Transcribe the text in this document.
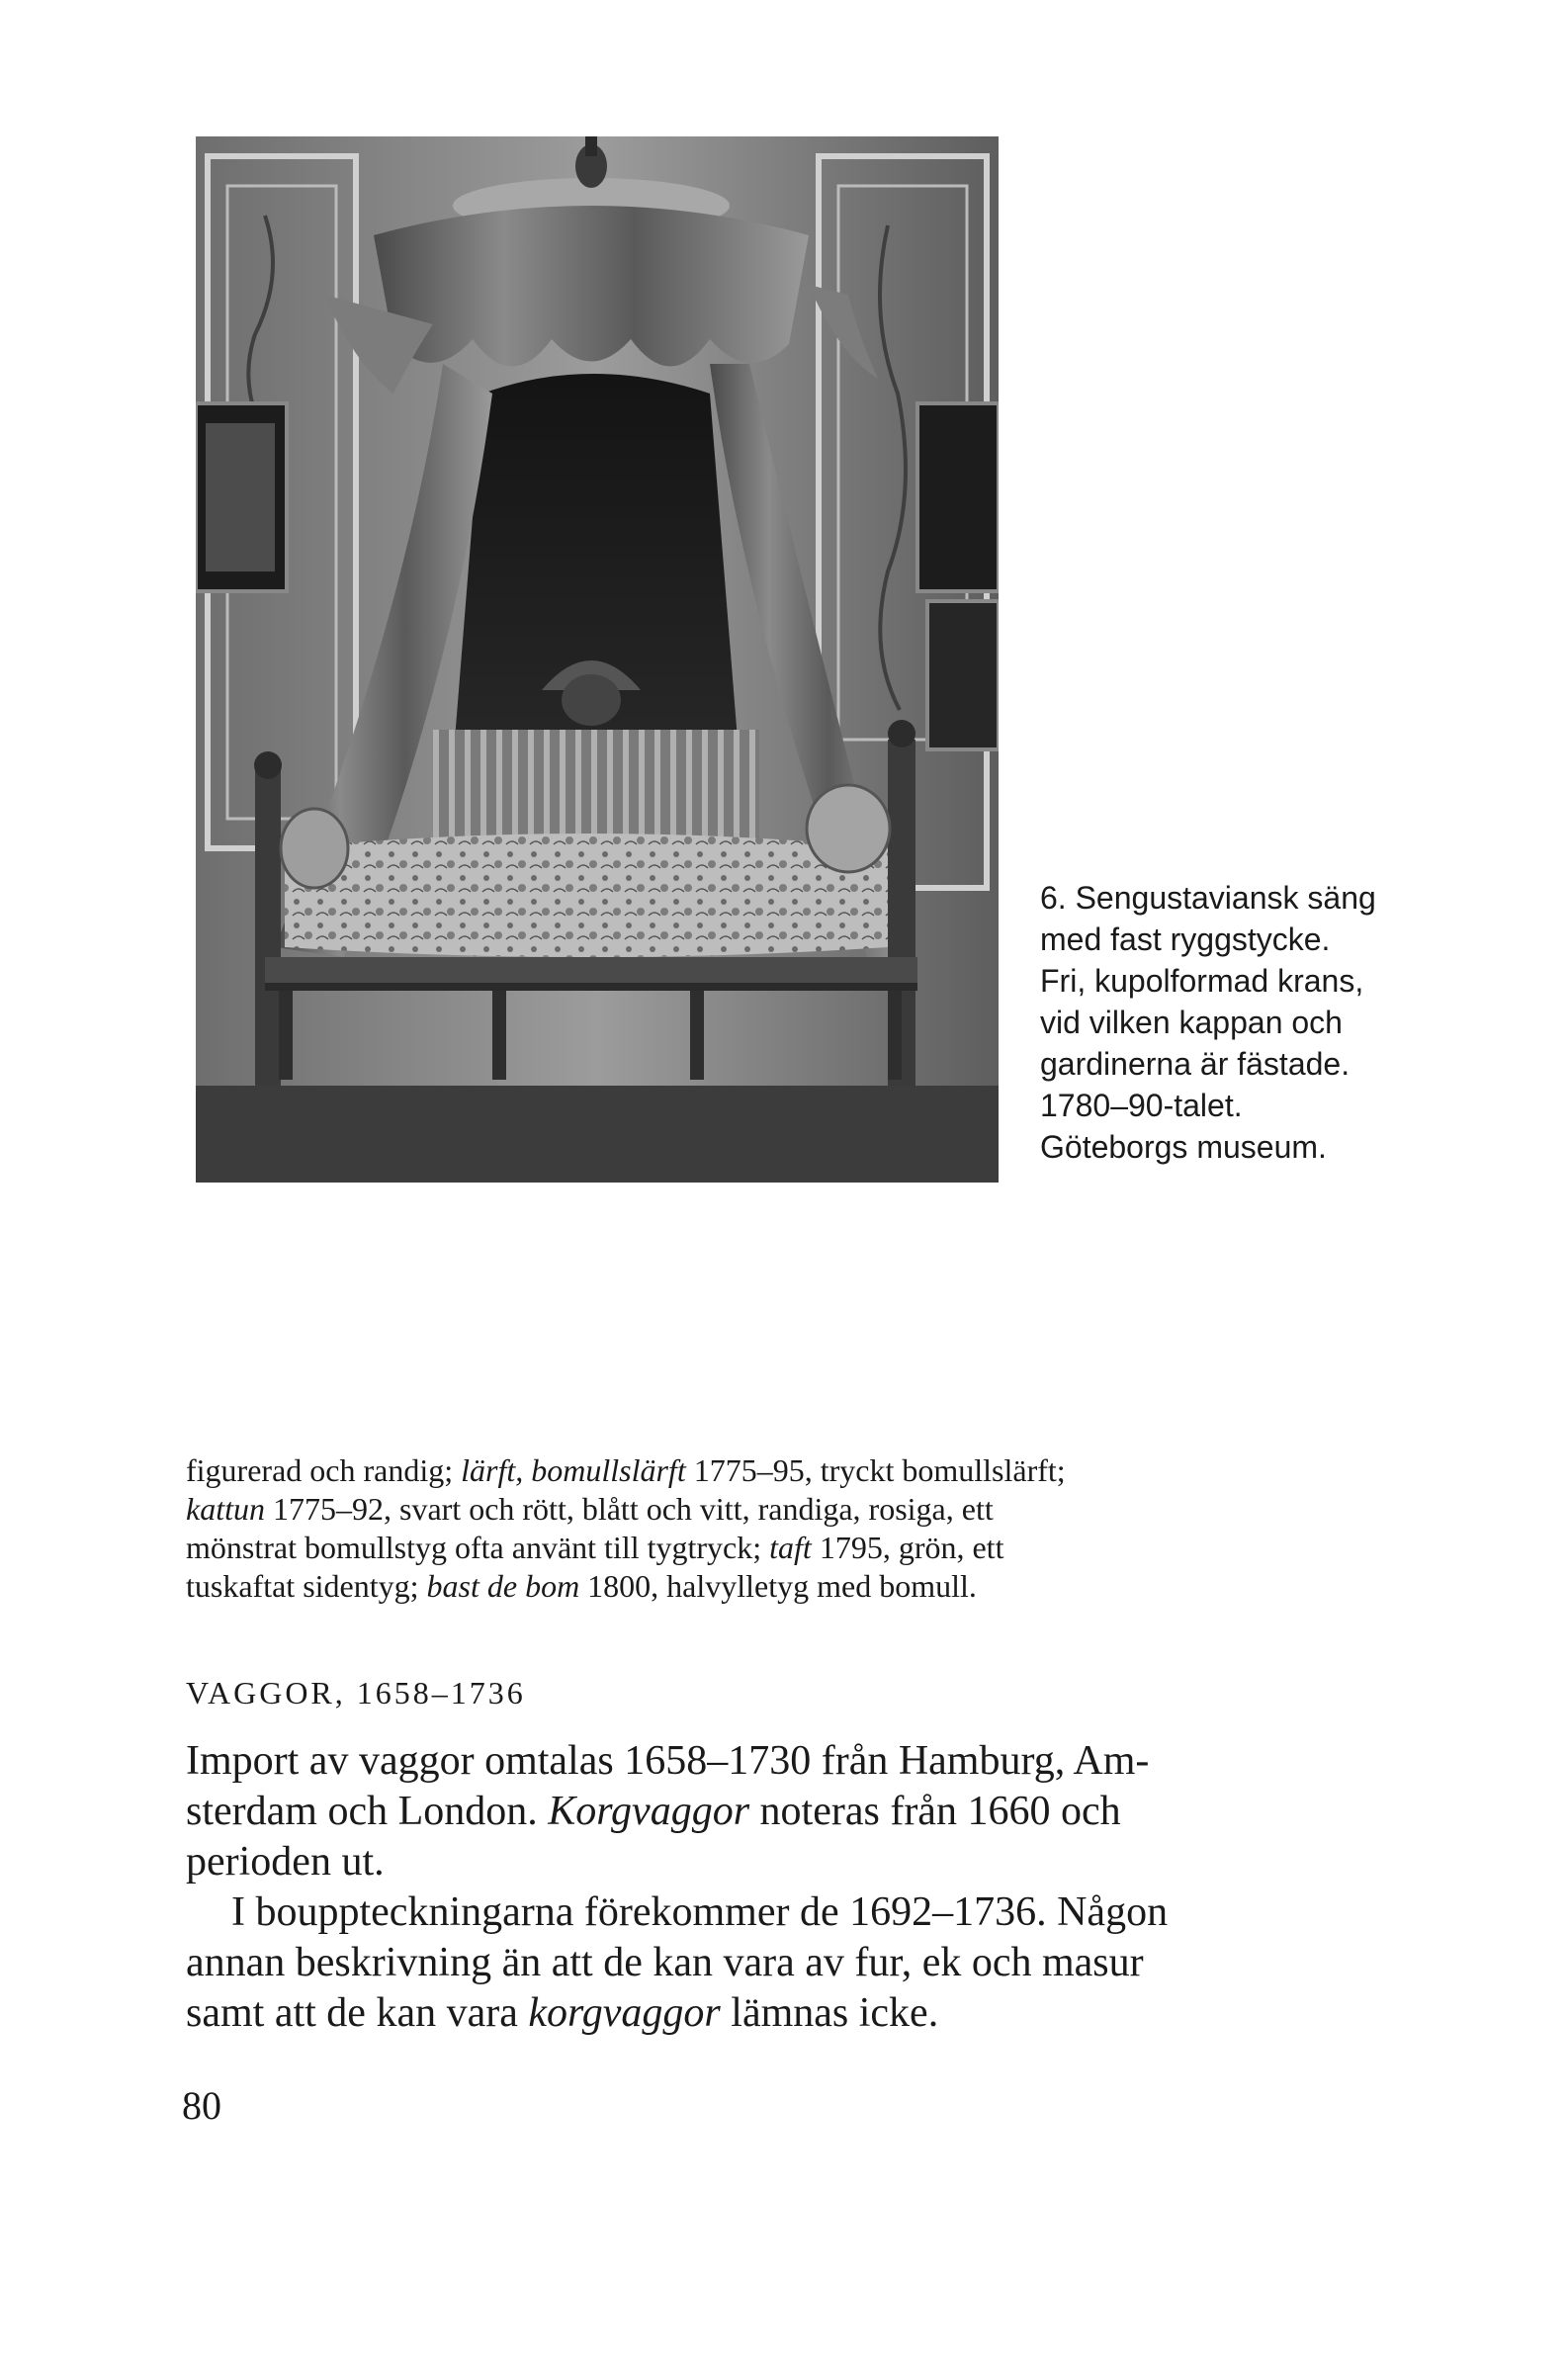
6. Sengustaviansk säng
med fast ryggstycke.
Fri, kupolformad krans,
vid vilken kappan och
gardinerna är fästade.
1780–90-talet.
Göteborgs museum.
figurerad och randig; lärft, bomullslärft 1775–95, tryckt bomullslärft;
kattun 1775–92, svart och rött, blått och vitt, randiga, rosiga, ett
mönstrat bomullstyg ofta använt till tygtryck; taft 1795, grön, ett
tuskaftat sidentyg; bast de bom 1800, halvylletyg med bomull.
VAGGOR, 1658–1736
Import av vaggor omtalas 1658–1730 från Hamburg, Am-
sterdam och London. Korgvaggor noteras från 1660 och
perioden ut.
I bouppteckningarna förekommer de 1692–1736. Någon
annan beskrivning än att de kan vara av fur, ek och masur
samt att de kan vara korgvaggor lämnas icke.
80
